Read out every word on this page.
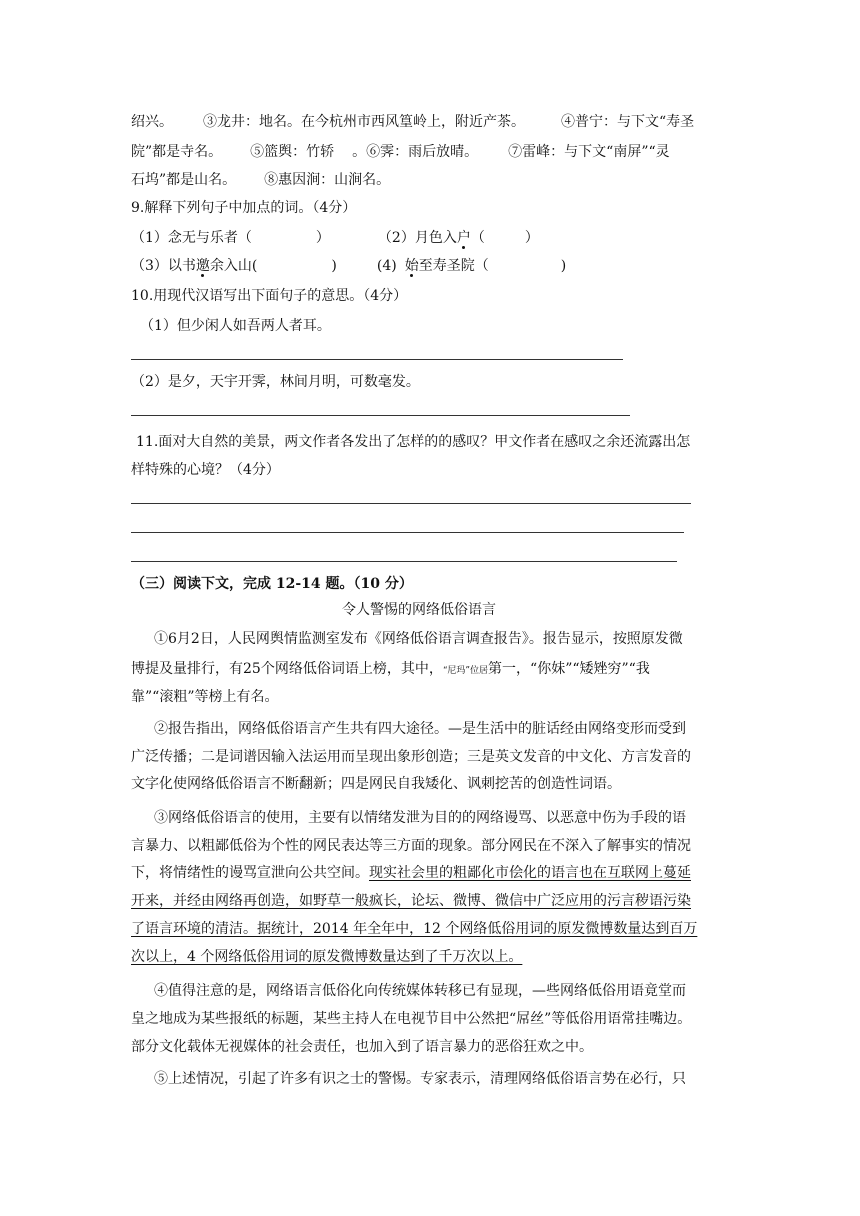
绍兴。 ③龙井：地名。在今杭州市西风篁岭上，附近产茶。	④普宁：与下文“寿圣
院”都是寺名。 ⑤篮舆：竹轿 。⑥霁：雨后放晴。 ⑦雷峰：与下文“南屏”“灵
石坞”都是山名。 ⑧惠因涧：山涧名。
9.解释下列句子中加点的词。（4分）
（1）念无与乐者（	）	（2）月色入户（	）
（3）以书邀余入山(	)	(4) 始至寿圣院（	)
10.用现代汉语写出下面句子的意思。（4分）
（1）但少闲人如吾两人者耳。
（2）是夕，天宇开霁，林间月明，可数毫发。
11.面对大自然的美景，两文作者各发出了怎样的的感叹？甲文作者在感叹之余还流露出怎
样特殊的心境？（4分）
（三）阅读下文，完成 12-14 题。（10 分）
令人警惕的网络低俗语言
①6月2日，人民网舆情监测室发布《网络低俗语言调查报告》。报告显示，按照原发微
博提及量排行，有25个网络低俗词语上榜，其中，“尼玛”位居第一，“你妹”“矮矬穷”“我
靠”“滚粗”等榜上有名。
②报告指出，网络低俗语言产生共有四大途径。—是生活中的脏话经由网络变形而受到
广泛传播；二是词谱因输入法运用而呈现出象形创造；三是英文发音的中文化、方言发音的
文字化使网络低俗语言不断翻新；四是网民自我矮化、讽刺挖苦的创造性词语。
③网络低俗语言的使用，主要有以情绪发泄为目的的网络谩骂、以恶意中伤为手段的语
言暴力、以粗鄙低俗为个性的网民表达等三方面的现象。部分网民在不深入了解事实的情况
下，将情绪性的谩骂宣泄向公共空间。现实社会里的粗鄙化市侩化的语言也在互联网上蔓延
开来，并经由网络再创造，如野草一般疯长，论坛、微博、微信中广泛应用的污言秽语污染
了语言环境的清洁。据统计，2014 年全年中，12 个网络低俗用词的原发微博数量达到百万
次以上，4 个网络低俗用词的原发微博数量达到了千万次以上。
④值得注意的是，网络语言低俗化向传统媒体转移已有显现，—些网络低俗用语竟堂而
皇之地成为某些报纸的标题，某些主持人在电视节目中公然把“屌丝”等低俗用语常挂嘴边。
部分文化载体无视媒体的社会责任，也加入到了语言暴力的恶俗狂欢之中。
⑤上述情况，引起了许多有识之士的警惕。专家表示，清理网络低俗语言势在必行，只
